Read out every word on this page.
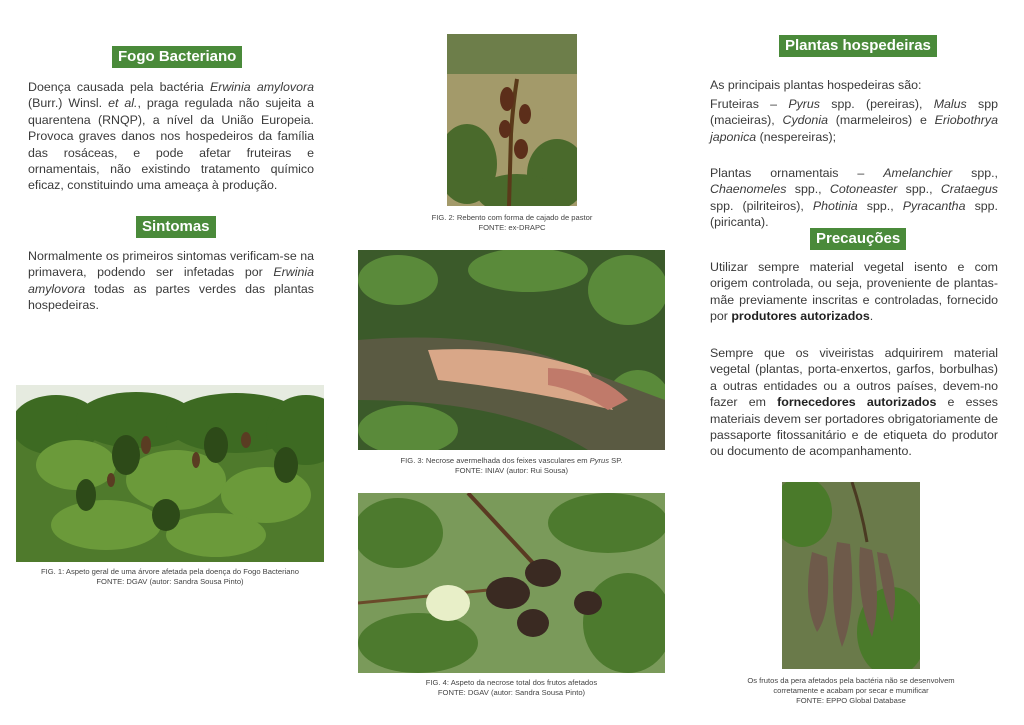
Fogo Bacteriano

Doença causada pela bactéria Erwinia amylovora (Burr.) Winsl. et al., praga regulada não sujeita a quarentena (RNQP), a nível da União Europeia. Provoca graves danos nos hospedeiros da família das rosáceas, e pode afetar fruteiras e ornamentais, não existindo tratamento químico eficaz, constituindo uma ameaça à produção.

Sintomas

Normalmente os primeiros sintomas verificam-se na primavera, podendo ser infetadas por Erwinia amylovora todas as partes verdes das plantas hospedeiras.

FIG. 1: Aspeto geral de uma árvore afetada pela doença do Fogo Bacteriano
FONTE: DGAV (autor: Sandra Sousa Pinto)
FIG. 2: Rebento com forma de cajado de pastor
FONTE: ex-DRAPC
FIG. 3: Necrose avermelhada dos feixes vasculares em Pyrus SP.
FONTE: INIAV (autor: Rui Sousa)
FIG. 4: Aspeto da necrose total dos frutos afetados
FONTE: DGAV (autor: Sandra Sousa Pinto)
Plantas hospedeiras

As principais plantas hospedeiras são:

Fruteiras – Pyrus spp. (pereiras), Malus spp (macieiras), Cydonia (marmeleiros) e Eriobothrya japonica (nespereiras);

Plantas ornamentais – Amelanchier spp., Chaenomeles spp., Cotoneaster spp., Crataegus spp. (pilriteiros), Photinia spp., Pyracantha spp. (piricanta).

Precauções

Utilizar sempre material vegetal isento e com origem controlada, ou seja, proveniente de plantas-mãe previamente inscritas e controladas, fornecido por produtores autorizados.

Sempre que os viveiristas adquirirem material vegetal (plantas, porta-enxertos, garfos, borbulhas) a outras entidades ou a outros países, devem-no fazer em fornecedores autorizados e esses materiais devem ser portadores obrigatoriamente de passaporte fitossanitário e de etiqueta do produtor ou documento de acompanhamento.

Os frutos da pera afetados pela bactéria não se desenvolvem
corretamente e acabam por secar e mumificar
FONTE: EPPO Global Database
